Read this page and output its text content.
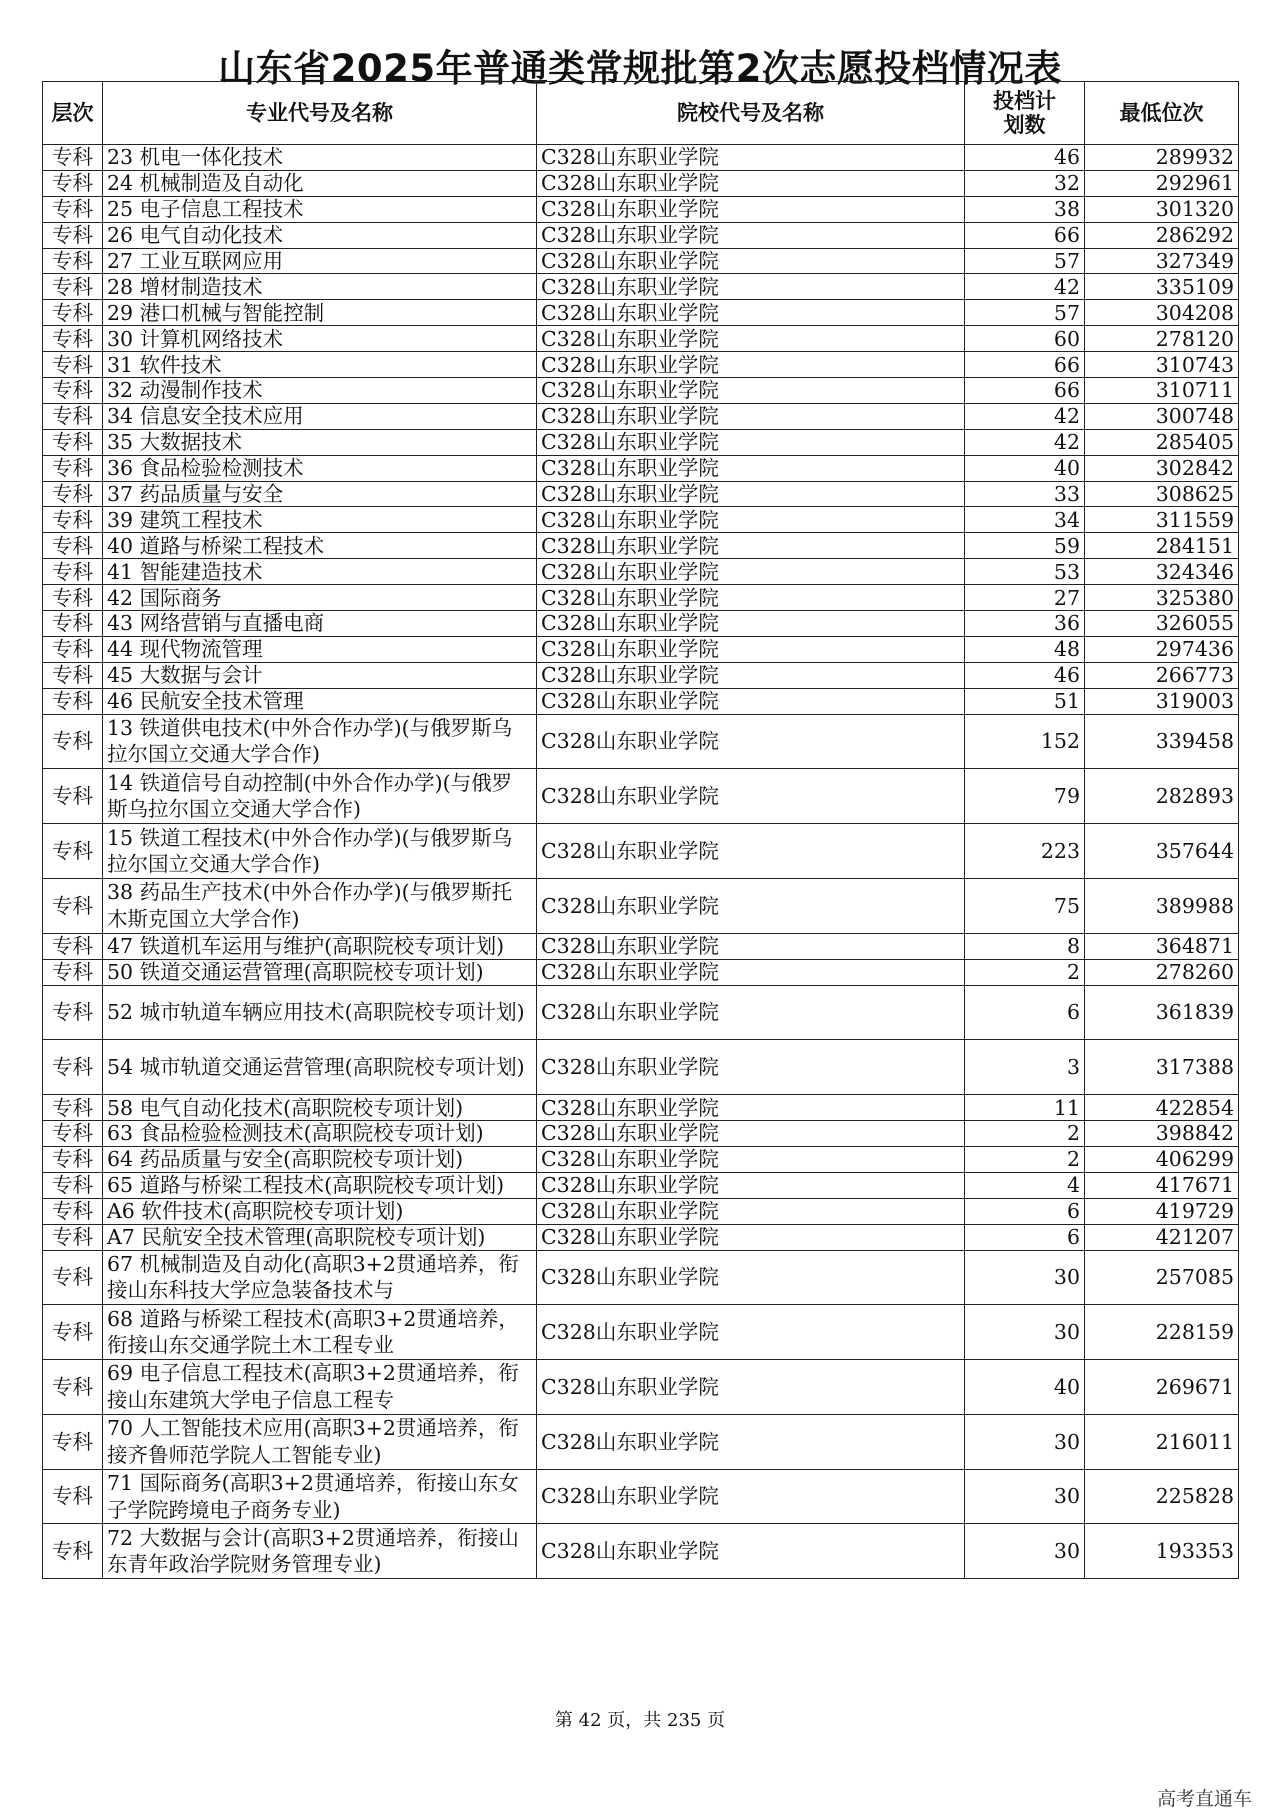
山东省2025年普通类常规批第2次志愿投档情况表
层次	专业代号及名称	院校代号及名称	投档计划数	最低位次
专科	23 机电一体化技术	C328山东职业学院	46	289932
专科	24 机械制造及自动化	C328山东职业学院	32	292961
专科	25 电子信息工程技术	C328山东职业学院	38	301320
专科	26 电气自动化技术	C328山东职业学院	66	286292
专科	27 工业互联网应用	C328山东职业学院	57	327349
专科	28 增材制造技术	C328山东职业学院	42	335109
专科	29 港口机械与智能控制	C328山东职业学院	57	304208
专科	30 计算机网络技术	C328山东职业学院	60	278120
专科	31 软件技术	C328山东职业学院	66	310743
专科	32 动漫制作技术	C328山东职业学院	66	310711
专科	34 信息安全技术应用	C328山东职业学院	42	300748
专科	35 大数据技术	C328山东职业学院	42	285405
专科	36 食品检验检测技术	C328山东职业学院	40	302842
专科	37 药品质量与安全	C328山东职业学院	33	308625
专科	39 建筑工程技术	C328山东职业学院	34	311559
专科	40 道路与桥梁工程技术	C328山东职业学院	59	284151
专科	41 智能建造技术	C328山东职业学院	53	324346
专科	42 国际商务	C328山东职业学院	27	325380
专科	43 网络营销与直播电商	C328山东职业学院	36	326055
专科	44 现代物流管理	C328山东职业学院	48	297436
专科	45 大数据与会计	C328山东职业学院	46	266773
专科	46 民航安全技术管理	C328山东职业学院	51	319003
专科	13 铁道供电技术(中外合作办学)(与俄罗斯乌拉尔国立交通大学合作)	C328山东职业学院	152	339458
专科	14 铁道信号自动控制(中外合作办学)(与俄罗斯乌拉尔国立交通大学合作)	C328山东职业学院	79	282893
专科	15 铁道工程技术(中外合作办学)(与俄罗斯乌拉尔国立交通大学合作)	C328山东职业学院	223	357644
专科	38 药品生产技术(中外合作办学)(与俄罗斯托木斯克国立大学合作)	C328山东职业学院	75	389988
专科	47 铁道机车运用与维护(高职院校专项计划)	C328山东职业学院	8	364871
专科	50 铁道交通运营管理(高职院校专项计划)	C328山东职业学院	2	278260
专科	52 城市轨道车辆应用技术(高职院校专项计划)	C328山东职业学院	6	361839
专科	54 城市轨道交通运营管理(高职院校专项计划)	C328山东职业学院	3	317388
专科	58 电气自动化技术(高职院校专项计划)	C328山东职业学院	11	422854
专科	63 食品检验检测技术(高职院校专项计划)	C328山东职业学院	2	398842
专科	64 药品质量与安全(高职院校专项计划)	C328山东职业学院	2	406299
专科	65 道路与桥梁工程技术(高职院校专项计划)	C328山东职业学院	4	417671
专科	A6 软件技术(高职院校专项计划)	C328山东职业学院	6	419729
专科	A7 民航安全技术管理(高职院校专项计划)	C328山东职业学院	6	421207
专科	67 机械制造及自动化(高职3+2贯通培养，衔接山东科技大学应急装备技术与	C328山东职业学院	30	257085
专科	68 道路与桥梁工程技术(高职3+2贯通培养，衔接山东交通学院土木工程专业	C328山东职业学院	30	228159
专科	69 电子信息工程技术(高职3+2贯通培养，衔接山东建筑大学电子信息工程专	C328山东职业学院	40	269671
专科	70 人工智能技术应用(高职3+2贯通培养，衔接齐鲁师范学院人工智能专业)	C328山东职业学院	30	216011
专科	71 国际商务(高职3+2贯通培养，衔接山东女子学院跨境电子商务专业)	C328山东职业学院	30	225828
专科	72 大数据与会计(高职3+2贯通培养，衔接山东青年政治学院财务管理专业)	C328山东职业学院	30	193353
第 42 页，共 235 页
高考直通车
